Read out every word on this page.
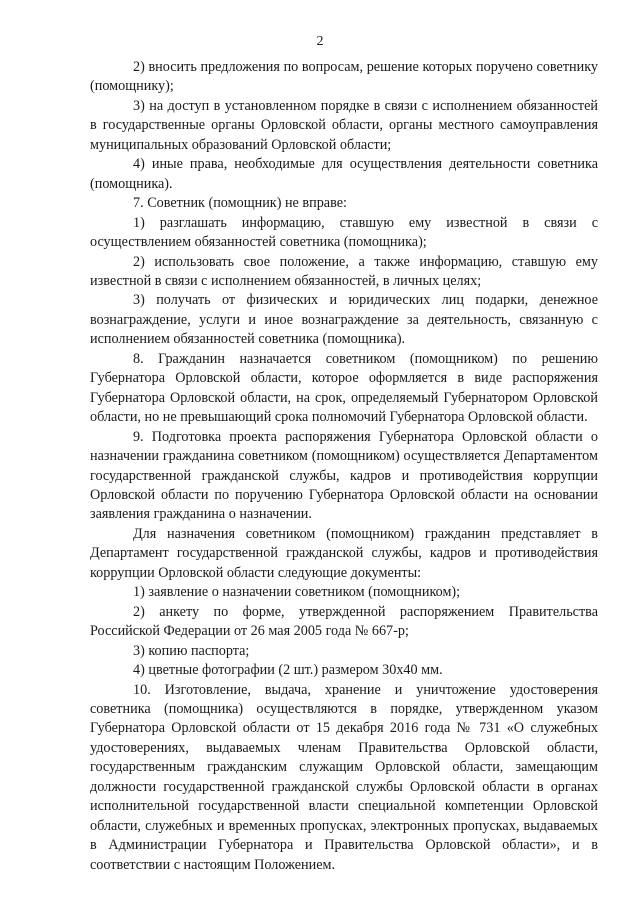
2

2) вносить предложения по вопросам, решение которых поручено советнику (помощнику);

3) на доступ в установленном порядке в связи с исполнением обязанностей в государственные органы Орловской области, органы местного самоуправления муниципальных образований Орловской области;

4) иные права, необходимые для осуществления деятельности советника (помощника).

7. Советник (помощник) не вправе:

1) разглашать информацию, ставшую ему известной в связи с осуществлением обязанностей советника (помощника);

2) использовать свое положение, а также информацию, ставшую ему известной в связи с исполнением обязанностей, в личных целях;

3) получать от физических и юридических лиц подарки, денежное вознаграждение, услуги и иное вознаграждение за деятельность, связанную с исполнением обязанностей советника (помощника).

8. Гражданин назначается советником (помощником) по решению Губернатора Орловской области, которое оформляется в виде распоряжения Губернатора Орловской области, на срок, определяемый Губернатором Орловской области, но не превышающий срока полномочий Губернатора Орловской области.

9. Подготовка проекта распоряжения Губернатора Орловской области о назначении гражданина советником (помощником) осуществляется Департаментом государственной гражданской службы, кадров и противодействия коррупции Орловской области по поручению Губернатора Орловской области на основании заявления гражданина о назначении.

Для назначения советником (помощником) гражданин представляет в Департамент государственной гражданской службы, кадров и противодействия коррупции Орловской области следующие документы:

1) заявление о назначении советником (помощником);

2) анкету по форме, утвержденной распоряжением Правительства Российской Федерации от 26 мая 2005 года № 667-р;

3) копию паспорта;

4) цветные фотографии (2 шт.) размером 30х40 мм.

10. Изготовление, выдача, хранение и уничтожение удостоверения советника (помощника) осуществляются в порядке, утвержденном указом Губернатора Орловской области от 15 декабря 2016 года № 731 «О служебных удостоверениях, выдаваемых членам Правительства Орловской области, государственным гражданским служащим Орловской области, замещающим должности государственной гражданской службы Орловской области в органах исполнительной государственной власти специальной компетенции Орловской области, служебных и временных пропусках, электронных пропусках, выдаваемых в Администрации Губернатора и Правительства Орловской области», и в соответствии с настоящим Положением.
